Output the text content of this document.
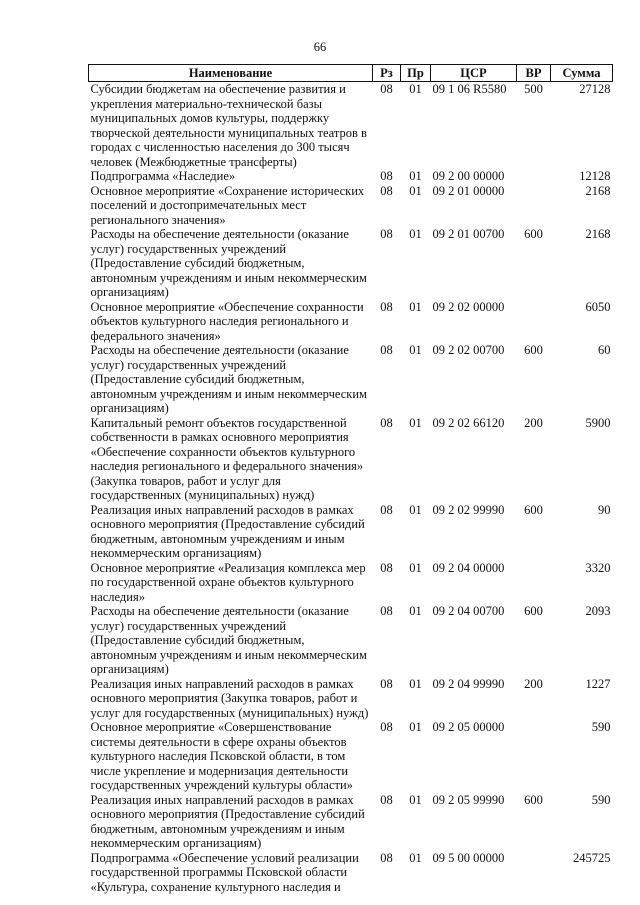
66
Наименование	Рз	Пр	ЦСР	ВР	Сумма
Субсидии бюджетам на обеспечение развития и укрепления материально-технической базы муниципальных домов культуры, поддержку творческой деятельности муниципальных театров в городах с численностью населения до 300 тысяч человек (Межбюджетные трансферты)	08	01	09 1 06 R5580	500	27128
Подпрограмма «Наследие»	08	01	09 2 00 00000		12128
Основное мероприятие «Сохранение исторических поселений и достопримечательных мест регионального значения»	08	01	09 2 01 00000		2168
Расходы на обеспечение деятельности (оказание услуг) государственных учреждений (Предоставление субсидий бюджетным, автономным учреждениям и иным некоммерческим организациям)	08	01	09 2 01 00700	600	2168
Основное мероприятие «Обеспечение сохранности объектов культурного наследия регионального и федерального значения»	08	01	09 2 02 00000		6050
Расходы на обеспечение деятельности (оказание услуг) государственных учреждений (Предоставление субсидий бюджетным, автономным учреждениям и иным некоммерческим организациям)	08	01	09 2 02 00700	600	60
Капитальный ремонт объектов государственной собственности в рамках основного мероприятия «Обеспечение сохранности объектов культурного наследия регионального и федерального значения» (Закупка товаров, работ и услуг для государственных (муниципальных) нужд)	08	01	09 2 02 66120	200	5900
Реализация иных направлений расходов в рамках основного мероприятия (Предоставление субсидий бюджетным, автономным учреждениям и иным некоммерческим организациям)	08	01	09 2 02 99990	600	90
Основное мероприятие «Реализация комплекса мер по государственной охране объектов культурного наследия»	08	01	09 2 04 00000		3320
Расходы на обеспечение деятельности (оказание услуг) государственных учреждений (Предоставление субсидий бюджетным, автономным учреждениям и иным некоммерческим организациям)	08	01	09 2 04 00700	600	2093
Реализация иных направлений расходов в рамках основного мероприятия (Закупка товаров, работ и услуг для государственных (муниципальных) нужд)	08	01	09 2 04 99990	200	1227
Основное мероприятие «Совершенствование системы деятельности в сфере охраны объектов культурного наследия Псковской области, в том числе укрепление и модернизация деятельности государственных учреждений культуры области»	08	01	09 2 05 00000		590
Реализация иных направлений расходов в рамках основного мероприятия (Предоставление субсидий бюджетным, автономным учреждениям и иным некоммерческим организациям)	08	01	09 2 05 99990	600	590
Подпрограмма «Обеспечение условий реализации государственной программы Псковской области «Культура, сохранение культурного наследия и	08	01	09 5 00 00000		245725
